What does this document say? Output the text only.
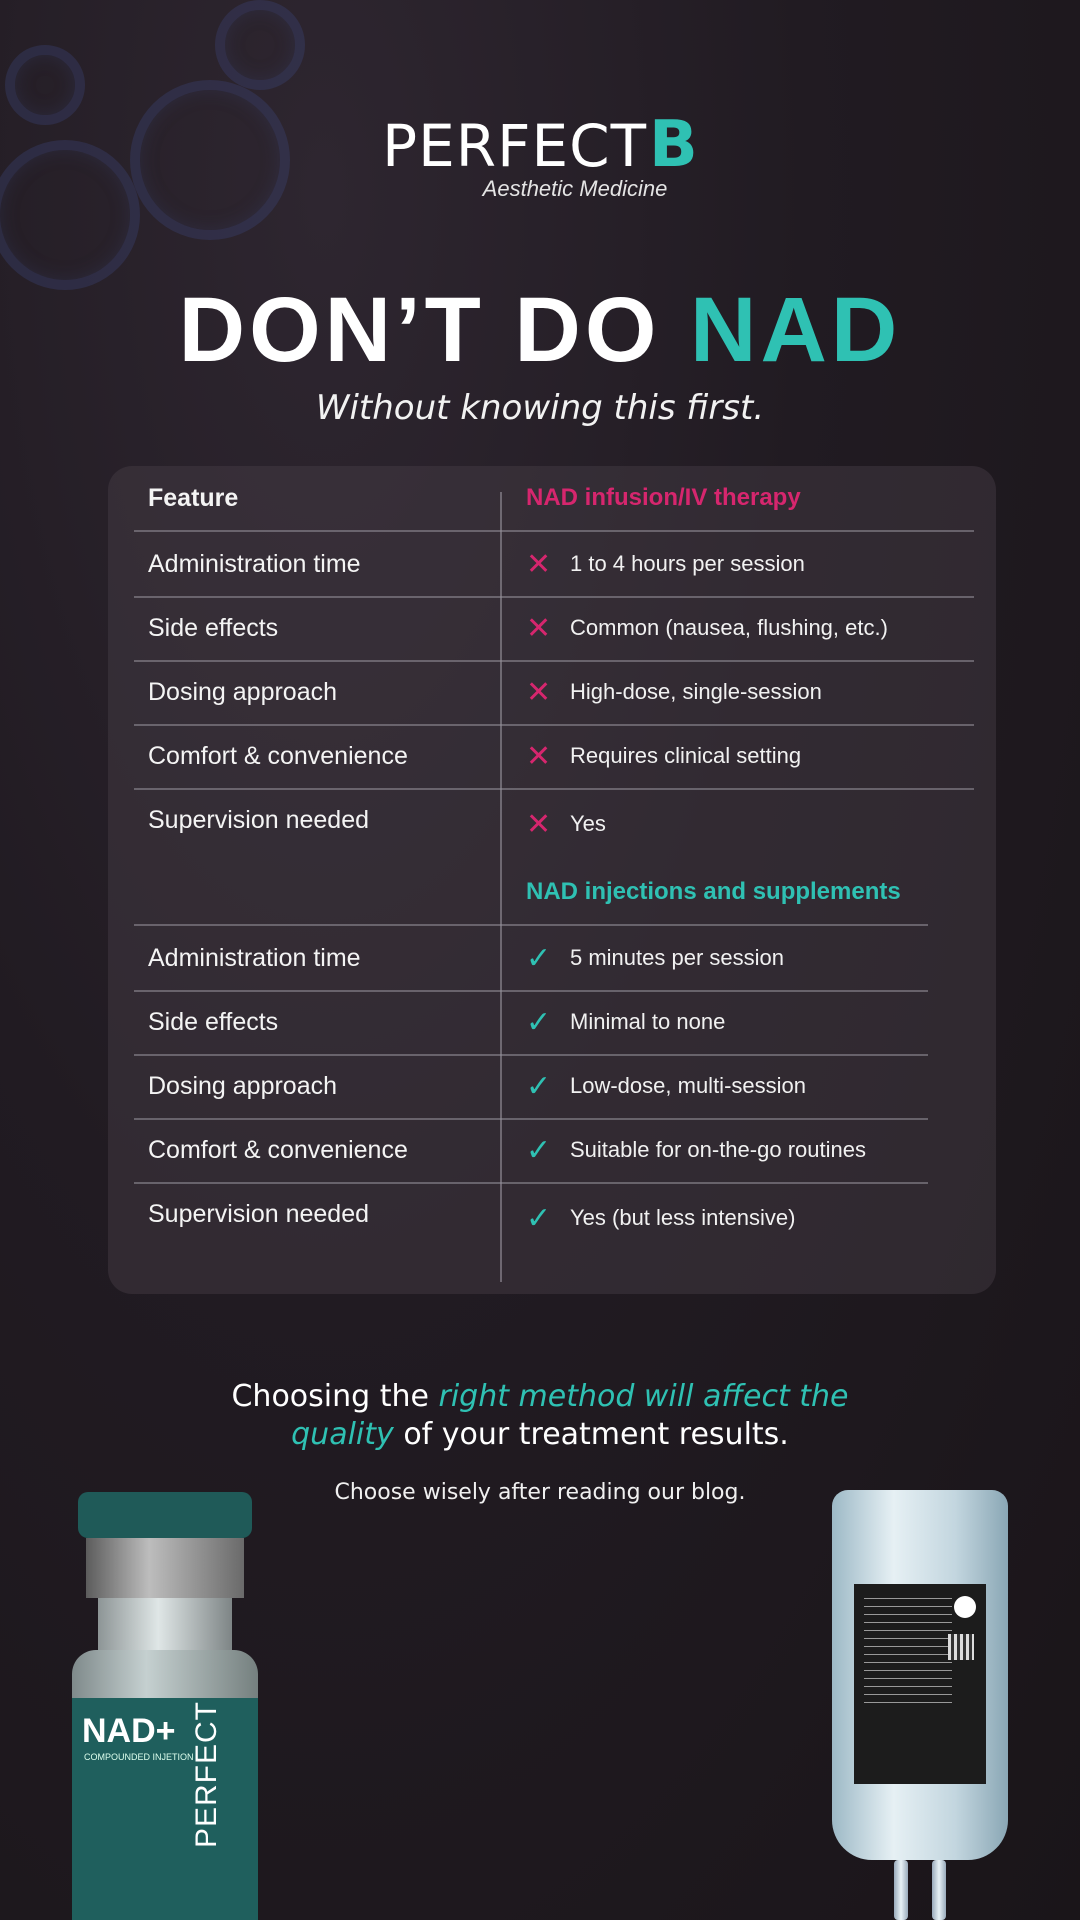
PERFECTB
Aesthetic Medicine
DON’T DO NAD
Without knowing this first.
Feature	NAD infusion/IV therapy
Administration time	✕ 1 to 4 hours per session
Side effects	✕ Common (nausea, flushing, etc.)
Dosing approach	✕ High-dose, single-session
Comfort & convenience	✕ Requires clinical setting
Supervision needed	✕ Yes
NAD injections and supplements
Administration time	✓ 5 minutes per session
Side effects	✓ Minimal to none
Dosing approach	✓ Low-dose, multi-session
Comfort & convenience	✓ Suitable for on-the-go routines
Supervision needed	✓ Yes (but less intensive)
Choosing the right method will affect the
quality of your treatment results.
Choose wisely after reading our blog.
NAD+
COMPOUNDED INJETION
PERFECT
